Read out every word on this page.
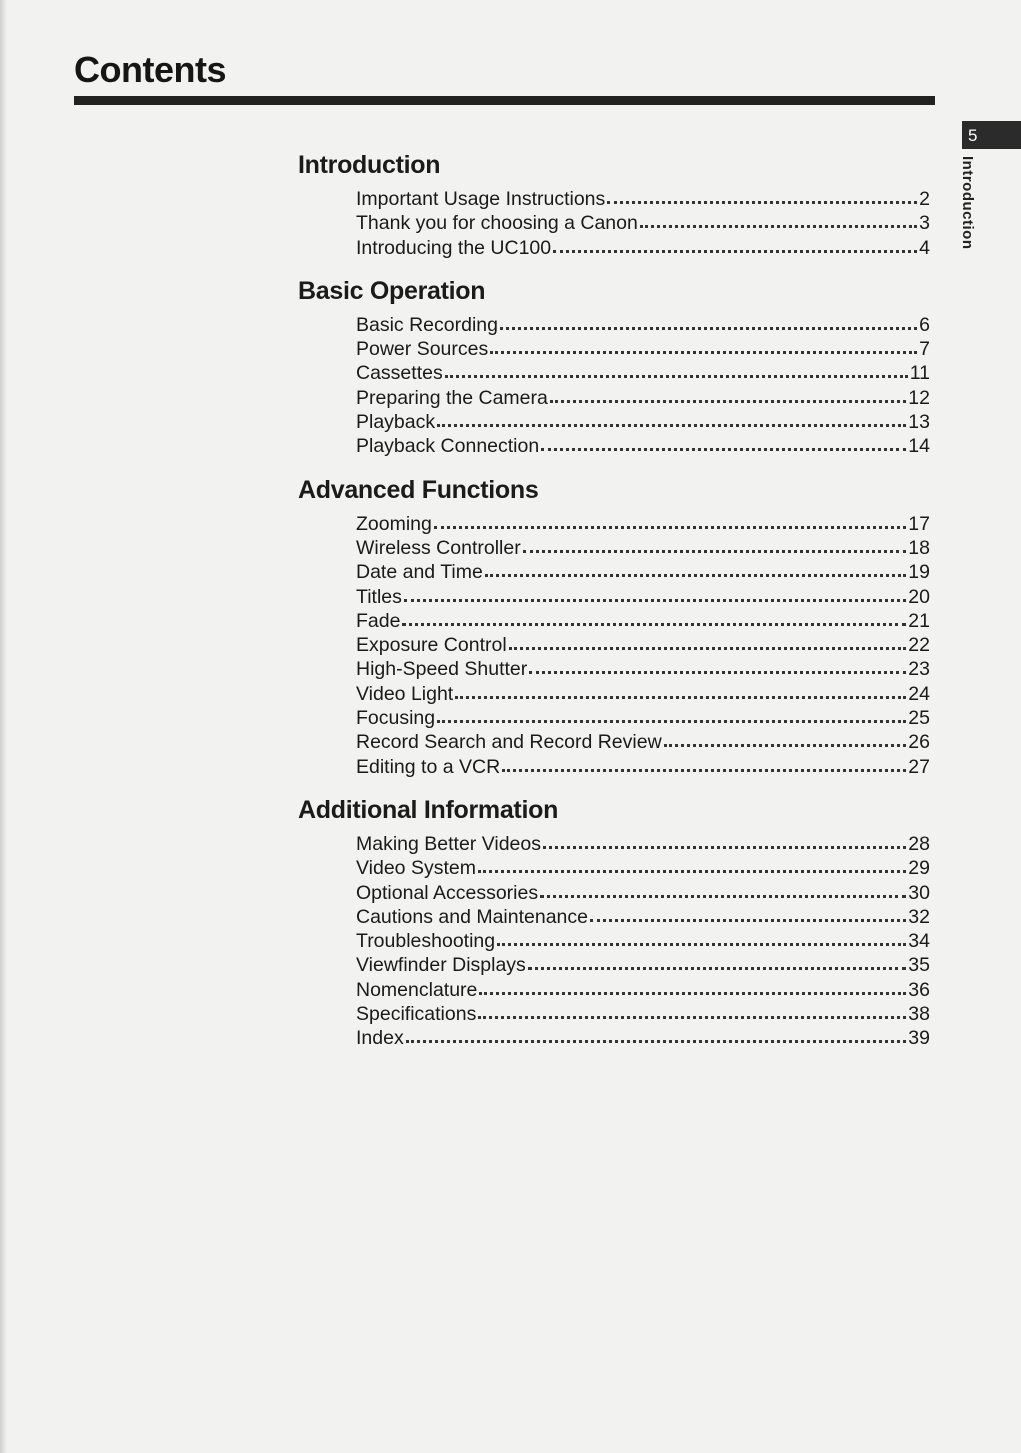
Contents
5
Introduction
Introduction
Important Usage Instructions	2
Thank you for choosing a Canon	3
Introducing the UC100	4
Basic Operation
Basic Recording	6
Power Sources	7
Cassettes	11
Preparing the Camera	12
Playback	13
Playback Connection	14
Advanced Functions
Zooming	17
Wireless Controller	18
Date and Time	19
Titles	20
Fade	21
Exposure Control	22
High-Speed Shutter	23
Video Light	24
Focusing	25
Record Search and Record Review	26
Editing to a VCR	27
Additional Information
Making Better Videos	28
Video System	29
Optional Accessories	30
Cautions and Maintenance	32
Troubleshooting	34
Viewfinder Displays	35
Nomenclature	36
Specifications	38
Index	39
